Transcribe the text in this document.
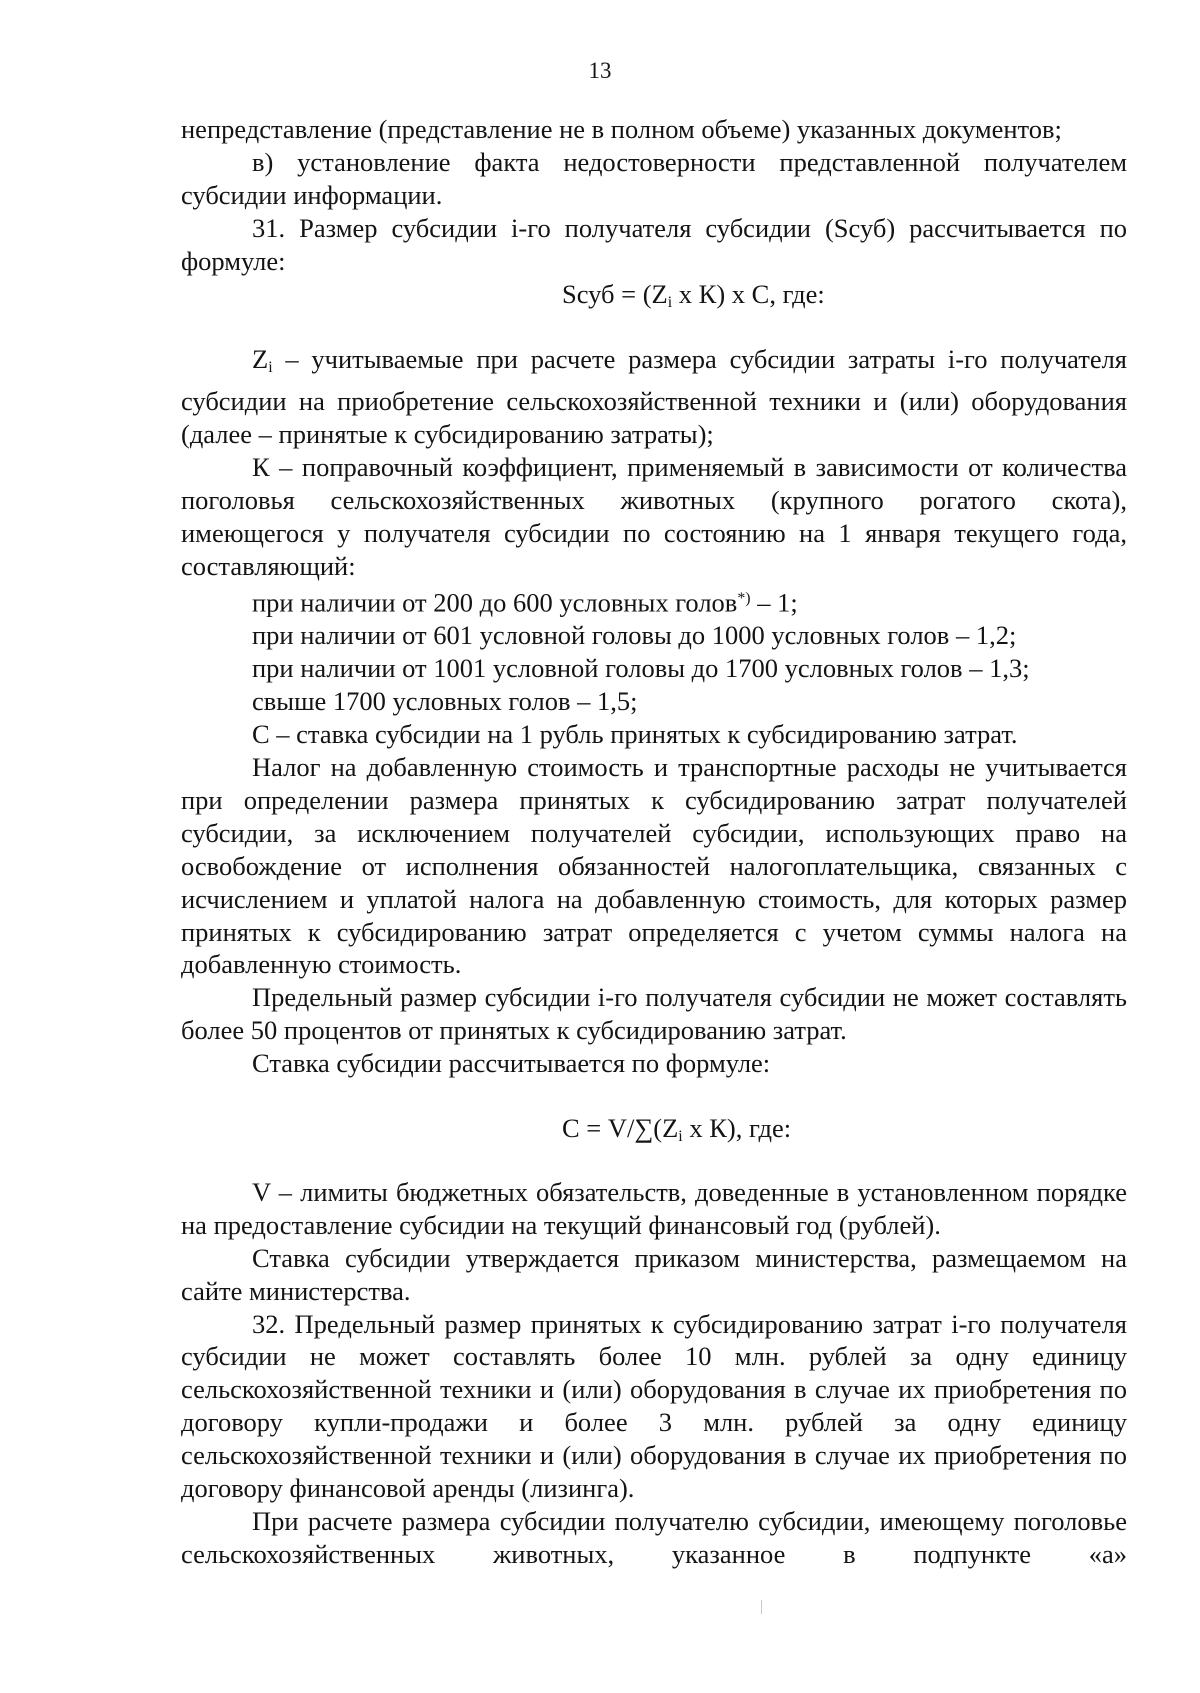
13

непредставление (представление не в полном объеме) указанных документов;

в) установление факта недостоверности представленной получателем субсидии информации.

31. Размер субсидии i-го получателя субсидии (Sсуб) рассчитывается по формуле:

Sсуб = ($Z_i$ х К) х С, где:

$Z_i$ – учитываемые при расчете размера субсидии затраты i-го получателя субсидии на приобретение сельскохозяйственной техники и (или) оборудования (далее – принятые к субсидированию затраты);

К – поправочный коэффициент, применяемый в зависимости от количества поголовья сельскохозяйственных животных (крупного рогатого скота), имеющегося у получателя субсидии по состоянию на 1 января текущего года, составляющий:

при наличии от 200 до 600 условных голов*) – 1;

при наличии от 601 условной головы до 1000 условных голов – 1,2;

при наличии от 1001 условной головы до 1700 условных голов – 1,3;

свыше 1700 условных голов – 1,5;

С – ставка субсидии на 1 рубль принятых к субсидированию затрат.

Налог на добавленную стоимость и транспортные расходы не учитывается при определении размера принятых к субсидированию затрат получателей субсидии, за исключением получателей субсидии, использующих право на освобождение от исполнения обязанностей налогоплательщика, связанных с исчислением и уплатой налога на добавленную стоимость, для которых размер принятых к субсидированию затрат определяется с учетом суммы налога на добавленную стоимость.

Предельный размер субсидии i-го получателя субсидии не может составлять более 50 процентов от принятых к субсидированию затрат.

Ставка субсидии рассчитывается по формуле:

$С = V/\sum(Z_i$ х К), где:

V – лимиты бюджетных обязательств, доведенные в установленном порядке на предоставление субсидии на текущий финансовый год (рублей).

Ставка субсидии утверждается приказом министерства, размещаемом на сайте министерства.

32. Предельный размер принятых к субсидированию затрат i-го получателя субсидии не может составлять более 10 млн. рублей за одну единицу сельскохозяйственной техники и (или) оборудования в случае их приобретения по договору купли-продажи и более 3 млн. рублей за одну единицу сельскохозяйственной техники и (или) оборудования в случае их приобретения по договору финансовой аренды (лизинга).

При расчете размера субсидии получателю субсидии, имеющему поголовье сельскохозяйственных животных, указанное в подпункте «а»
